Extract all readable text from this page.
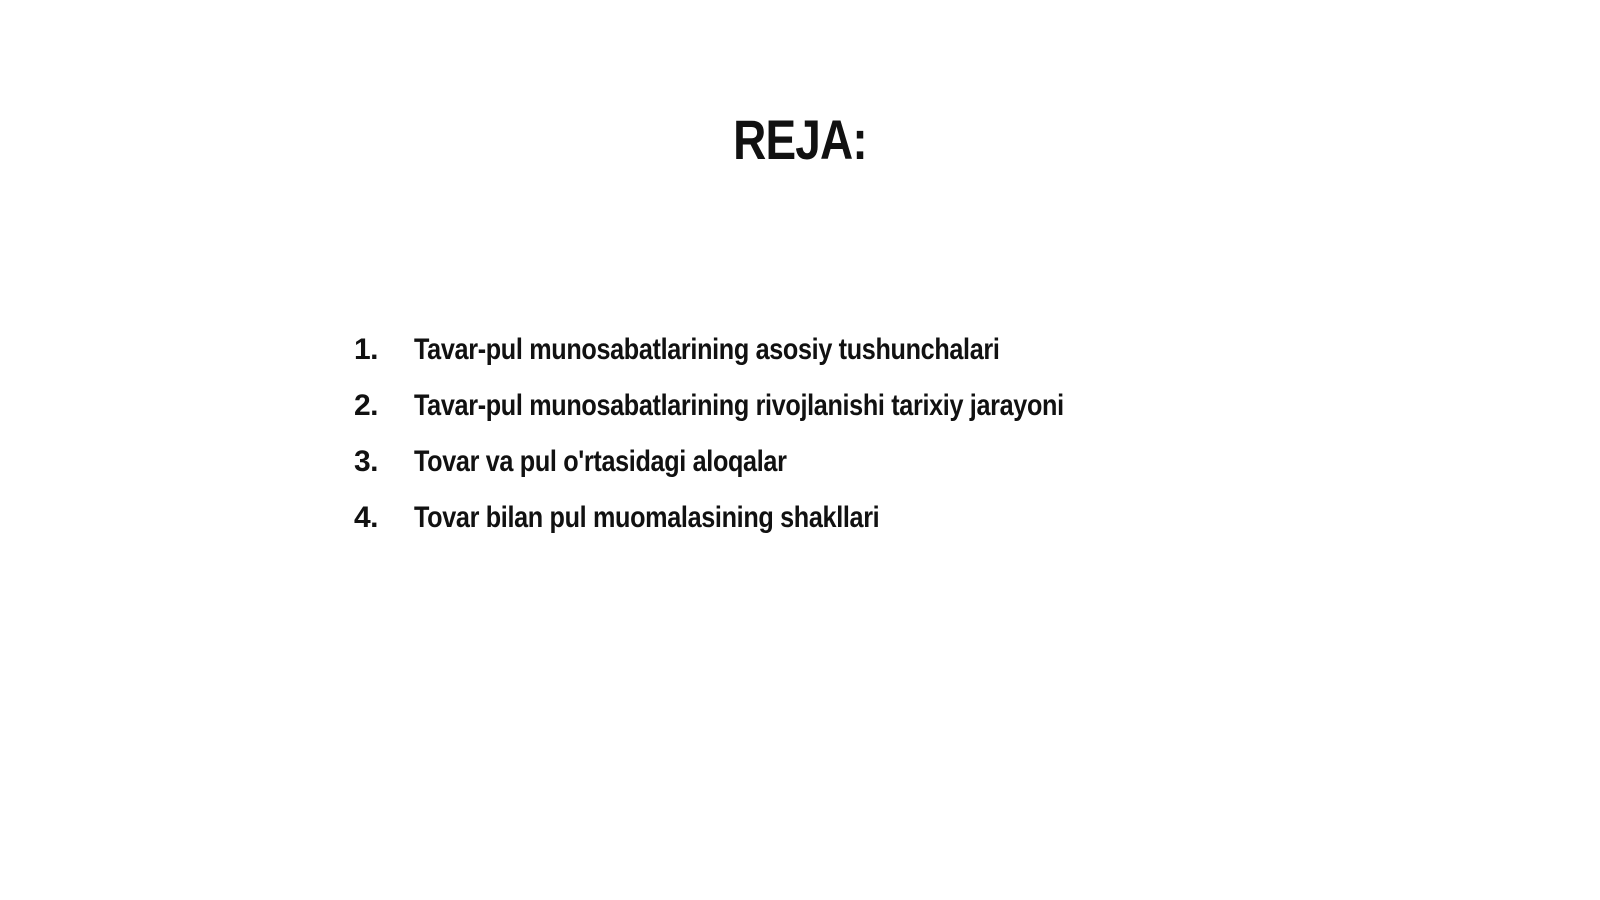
REJA:
1.	Tavar-pul munosabatlarining asosiy tushunchalari
2.	Tavar-pul munosabatlarining rivojlanishi tarixiy jarayoni
3.	Tovar va pul o'rtasidagi aloqalar
4.	Tovar bilan pul muomalasining shakllari
